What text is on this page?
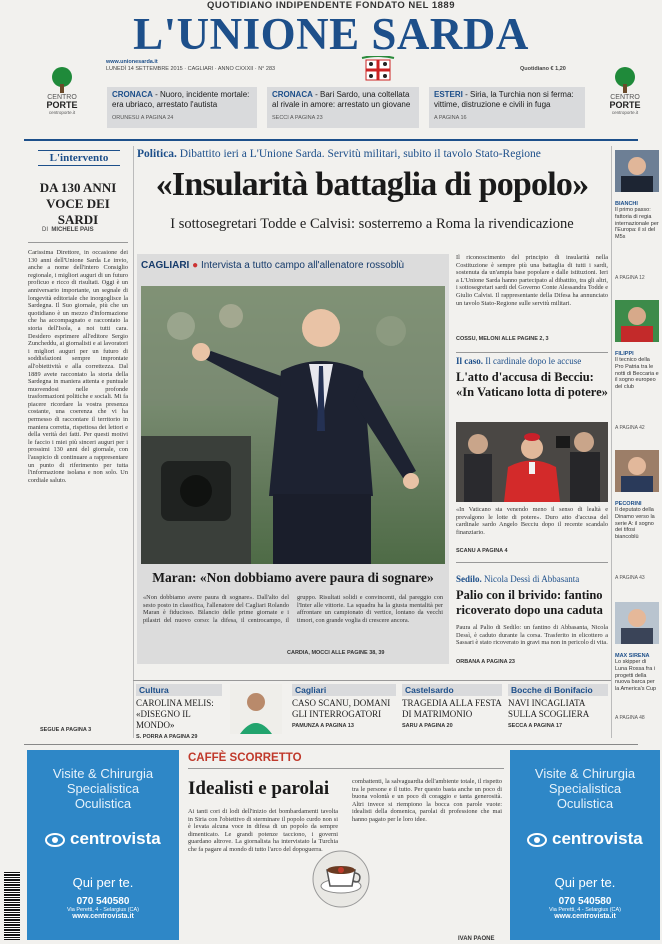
QUOTIDIANO INDIPENDENTE FONDATO NEL 1889
L'UNIONE SARDA
www.unionesarda.it
LUNEDÌ 14 SETTEMBRE 2015 · CAGLIARI · ANNO CXXXII · N° 283	Quotidiano € 1,20
CENTRO
PORTE
centroporte.it
CENTRO
PORTE
centroporte.it
CRONACA - Nuoro, incidente mortale: era ubriaco, arrestato l'autista
ORUNESU A PAGINA 24
CRONACA - Bari Sardo, una coltellata al rivale in amore: arrestato un giovane
SECCI A PAGINA 23
ESTERI - Siria, la Turchia non si ferma: vittime, distruzione e civili in fuga
A PAGINA 16
L'intervento
DA 130 ANNI VOCE DEI SARDI
DI MICHELE PAIS
Carissima Direttore, in occasione dei 130 anni dell'Unione Sarda Le invio, anche a nome dell'intero Consiglio regionale, i migliori auguri di un futuro proficuo e ricco di risultati. Oggi è un anniversario importante, un segnale di longevità editoriale che inorgoglisce la Sardegna. Il Suo giornale, più che un quotidiano è un mezzo d'informazione che ha accompagnato e raccontato la storia dell'Isola, a noi tutti cara. Desidero esprimere all'editore Sergio Zuncheddu, ai giornalisti e ai lavoratori i migliori auguri per un futuro di soddisfazioni sempre improntate all'obiettività e alla correttezza. Dal 1889 avete raccontato la storia della Sardegna in maniera attenta e puntuale muovendosi nelle profonde trasformazioni politiche e sociali. Mi fa piacere ricordare la vostra presenza costante, una coerenza che vi ha permesso di raccontare il territorio in maniera corretta, rispettosa dei lettori e della verità dei fatti. Per questi motivi le faccio i miei più sinceri auguri per i prossimi 130 anni del giornale, con l'auspicio di continuare a rappresentare un punto di riferimento per tutta l'informazione isolana e non solo. Un cordiale saluto.
SEGUE A PAGINA 3
Politica. Dibattito ieri a L'Unione Sarda. Servitù militari, subito il tavolo Stato-Regione
«Insularità battaglia di popolo»
I sottosegretari Todde e Calvisi: sosterremo a Roma la rivendicazione
CAGLIARI ● Intervista a tutto campo all'allenatore rossoblù
Maran: «Non dobbiamo avere paura di sognare»
«Non dobbiamo avere paura di sognare». Dall'alto del sesto posto in classifica, l'allenatore del Cagliari Rolando Maran è fiducioso. Bilancio delle prime giornate e i pilastri del nuovo corso: la difesa, il centrocampo, il gruppo. Risultati solidi e convincenti, dal pareggio con l'Inter alle vittorie. La squadra ha la giusta mentalità per affrontare un campionato di vertice, lontano da vecchi timori, con grande voglia di crescere ancora.
CARDIA, MOCCI ALLE PAGINE 38, 39
Il riconoscimento del principio di insularità nella Costituzione è sempre più una battaglia di tutti i sardi, sostenuta da un'ampia base popolare e dalle istituzioni. Ieri a L'Unione Sarda hanno partecipato al dibattito, tra gli altri, i sottosegretari sardi del Governo Conte Alessandra Todde e Giulio Calvisi. Il rappresentante della Difesa ha annunciato un tavolo Stato-Regione sulle servitù militari.
COSSU, MELONI ALLE PAGINE 2, 3
Il caso. Il cardinale dopo le accuse
L'atto d'accusa di Becciu: «In Vaticano lotta di potere»
«In Vaticano sta venendo meno il senso di lealtà e prevalgono le lotte di potere». Duro atto d'accusa del cardinale sardo Angelo Becciu dopo il recente scandalo finanziario.
SCANU A PAGINA 4
Sedilo. Nicola Dessì di Abbasanta
Palio con il brivido: fantino ricoverato dopo una caduta
Paura al Palio di Sedilo: un fantino di Abbasanta, Nicola Dessì, è caduto durante la corsa. Trasferito in elicottero a Sassari è stato ricoverato in gravi ma non in pericolo di vita.
ORBANA A PAGINA 23
BIANCHI
Il primo passo: fattoria di regia internazionale per l'Europa: il sì del M5s
A PAGINA 12
FILIPPI
Il tecnico della Pro Patria tra le notti di Beccaria e il sogno europeo del club
A PAGINA 42
PECORINI
Il deputato della Dinamo verso la serie A: il sogno dei tifosi biancoblù
A PAGINA 43
MAX SIRENA
Lo skipper di Luna Rossa fra i progetti della nuova barca per la America's Cup
A PAGINA 48
Cultura
CAROLINA MELIS: «DISEGNO IL MONDO»
S. PORRA A PAGINA 29
Cagliari
CASO SCANU, DOMANI GLI INTERROGATORI
PAMUNZA A PAGINA 13
Castelsardo
TRAGEDIA ALLA FESTA DI MATRIMONIO
SARU A PAGINA 20
Bocche di Bonifacio
NAVI INCAGLIATA SULLA SCOGLIERA
SECCA A PAGINA 17
Visite & Chirurgia
Specialistica
Oculistica
centrovista
Qui per te.
070 540580
Via Peretti, 4 - Selargius (CA)
www.centrovista.it
Visite & Chirurgia
Specialistica
Oculistica
centrovista
Qui per te.
070 540580
Via Peretti, 4 - Selargius (CA)
www.centrovista.it
CAFFÈ SCORRETTO
Idealisti e parolai
Ai tanti cori di lodi dell'inizio dei bombardamenti tavolta in Siria con l'obiettivo di sterminare il popolo curdo non si è levata alcuna voce in difesa di un popolo da sempre dimenticato. Le grandi potenze tacciono, i governi guardano altrove. La giornalista ha intervistato la Turchia che fa pagare al mondo di tutto l'arco del dopoguerra.
combattenti, la salvaguardia dell'ambiente totale, il rispetto tra le persone e il tutto. Per questo basta anche un poco di buona volontà e un poco di coraggio e tanta generosità. Altri invece si riempiono la bocca con parole vuote: idealisti della domenica, parolai di professione che mai hanno pagato per le loro idee.
IVAN PAONE
